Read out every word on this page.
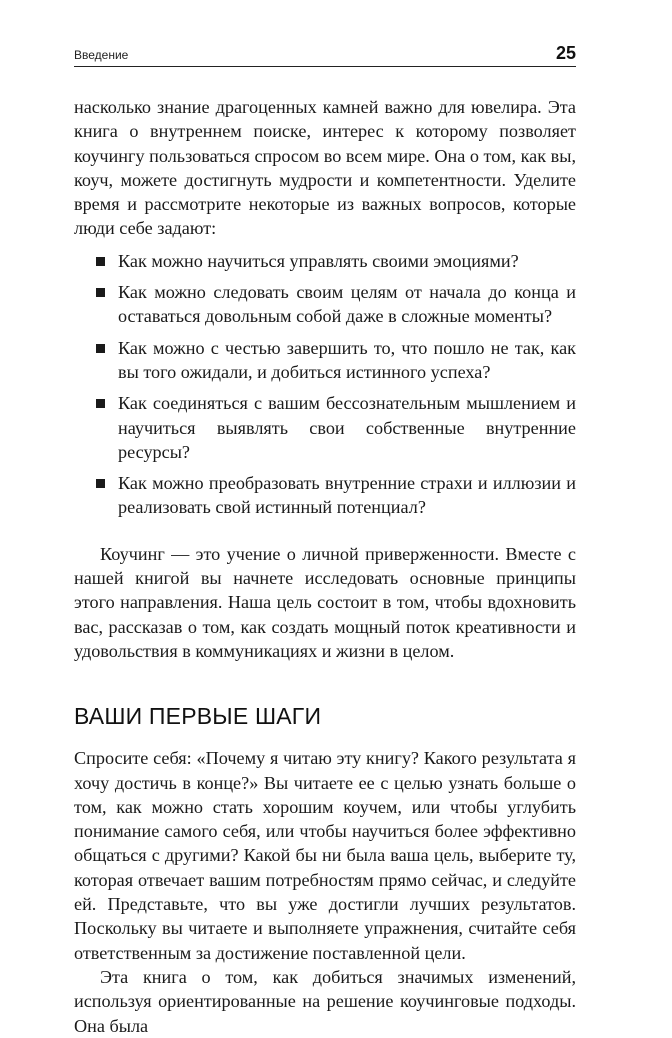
Введение	25

насколько знание драгоценных камней важно для ювелира. Эта книга о внутреннем поиске, интерес к которому позволяет коучингу пользоваться спросом во всем мире. Она о том, как вы, коуч, можете достигнуть мудрости и компетентности. Уделите время и рассмотрите некоторые из важных вопросов, которые люди себе задают:

Как можно научиться управлять своими эмоциями?
Как можно следовать своим целям от начала до конца и оставаться довольным собой даже в сложные моменты?
Как можно с честью завершить то, что пошло не так, как вы того ожидали, и добиться истинного успеха?
Как соединяться с вашим бессознательным мышлением и научиться выявлять свои собственные внутренние ресурсы?
Как можно преобразовать внутренние страхи и иллюзии и реализовать свой истинный потенциал?

Коучинг — это учение о личной приверженности. Вместе с нашей книгой вы начнете исследовать основные принципы этого направления. Наша цель состоит в том, чтобы вдохновить вас, рассказав о том, как создать мощный поток креативности и удовольствия в коммуникациях и жизни в целом.

ВАШИ ПЕРВЫЕ ШАГИ

Спросите себя: «Почему я читаю эту книгу? Какого результата я хочу достичь в конце?» Вы читаете ее с целью узнать больше о том, как можно стать хорошим коучем, или чтобы углубить понимание самого себя, или чтобы научиться более эффективно общаться с другими? Какой бы ни была ваша цель, выберите ту, которая отвечает вашим потребностям прямо сейчас, и следуйте ей. Представьте, что вы уже достигли лучших результатов. Поскольку вы читаете и выполняете упражнения, считайте себя ответственным за достижение поставленной цели.

Эта книга о том, как добиться значимых изменений, используя ориентированные на решение коучинговые подходы. Она была
